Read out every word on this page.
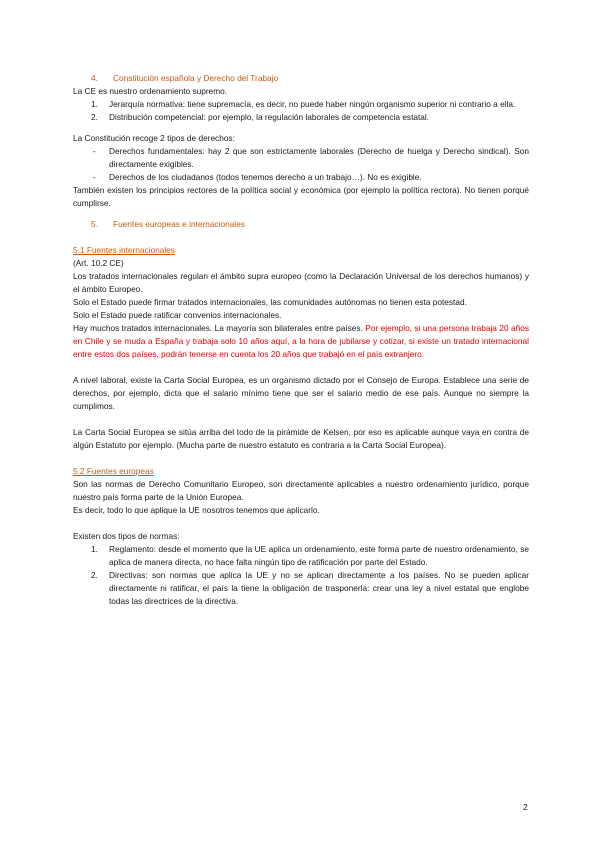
4. Constitución española y Derecho del Trabajo

La CE es nuestro ordenamiento supremo.

1. Jerarquía normativa: tiene supremacía, es decir, no puede haber ningún organismo superior ni contrario a ella.
2. Distribución competencial: por ejemplo, la regulación laborales de competencia estatal.

La Constitución recoge 2 tipos de derechos:

- Derechos fundamentales: hay 2 que son estrictamente laborales (Derecho de huelga y Derecho sindical). Son directamente exigibles.
- Derechos de los ciudadanos (todos tenemos derecho a un trabajo…). No es exigible.

También existen los principios rectores de la política social y económica (por ejemplo la política rectora). No tienen porqué cumplirse.

5. Fuentes europeas e internacionales
5.1 Fuentes internacionales

(Art. 10.2 CE)

Los tratados internacionales regulan el ámbito supra europeo (como la Declaración Universal de los derechos humanos) y el ámbito Europeo.

Solo el Estado puede firmar tratados internacionales, las comunidades autónomas no tienen esta potestad.

Solo el Estado puede ratificar convenios internacionales.

Hay muchos tratados internacionales. La mayoría son bilaterales entre países. Por ejemplo, si una persona trabaja 20 años en Chile y se muda a España y trabaja solo 10 años aquí, a la hora de jubilarse y cotizar, si existe un tratado internacional entre estos dos países, podrán tenerse en cuenta los 20 años que trabajó en el país extranjero.

A nivel laboral, existe la Carta Social Europea, es un organismo dictado por el Consejo de Europa. Establece una serie de derechos, por ejemplo, dicta que el salario mínimo tiene que ser el salario medio de ese país. Aunque no siempre la cumplimos.

La Carta Social Europea se sitúa arriba del todo de la pirámide de Kelsen, por eso es aplicable aunque vaya en contra de algún Estatuto por ejemplo. (Mucha parte de nuestro estatuto es contraria a la Carta Social Europea).

5.2 Fuentes europeas

Son las normas de Derecho Comunitario Europeo, son directamente aplicables a nuestro ordenamiento jurídico, porque nuestro país forma parte de la Unión Europea.

Es decir, todo lo que aplique la UE nosotros tenemos que aplicarlo.

Existen dos tipos de normas:

1. Reglamento: desde el momento que la UE aplica un ordenamiento, este forma parte de nuestro ordenamiento, se aplica de manera directa, no hace falta ningún tipo de ratificación por parte del Estado.
2. Directivas: son normas que aplica la UE y no se aplican directamente a los países. No se pueden aplicar directamente ni ratificar, el país la tiene la obligación de trasponerla: crear una ley a nivel estatal que englobe todas las directrices de la directiva.
2
